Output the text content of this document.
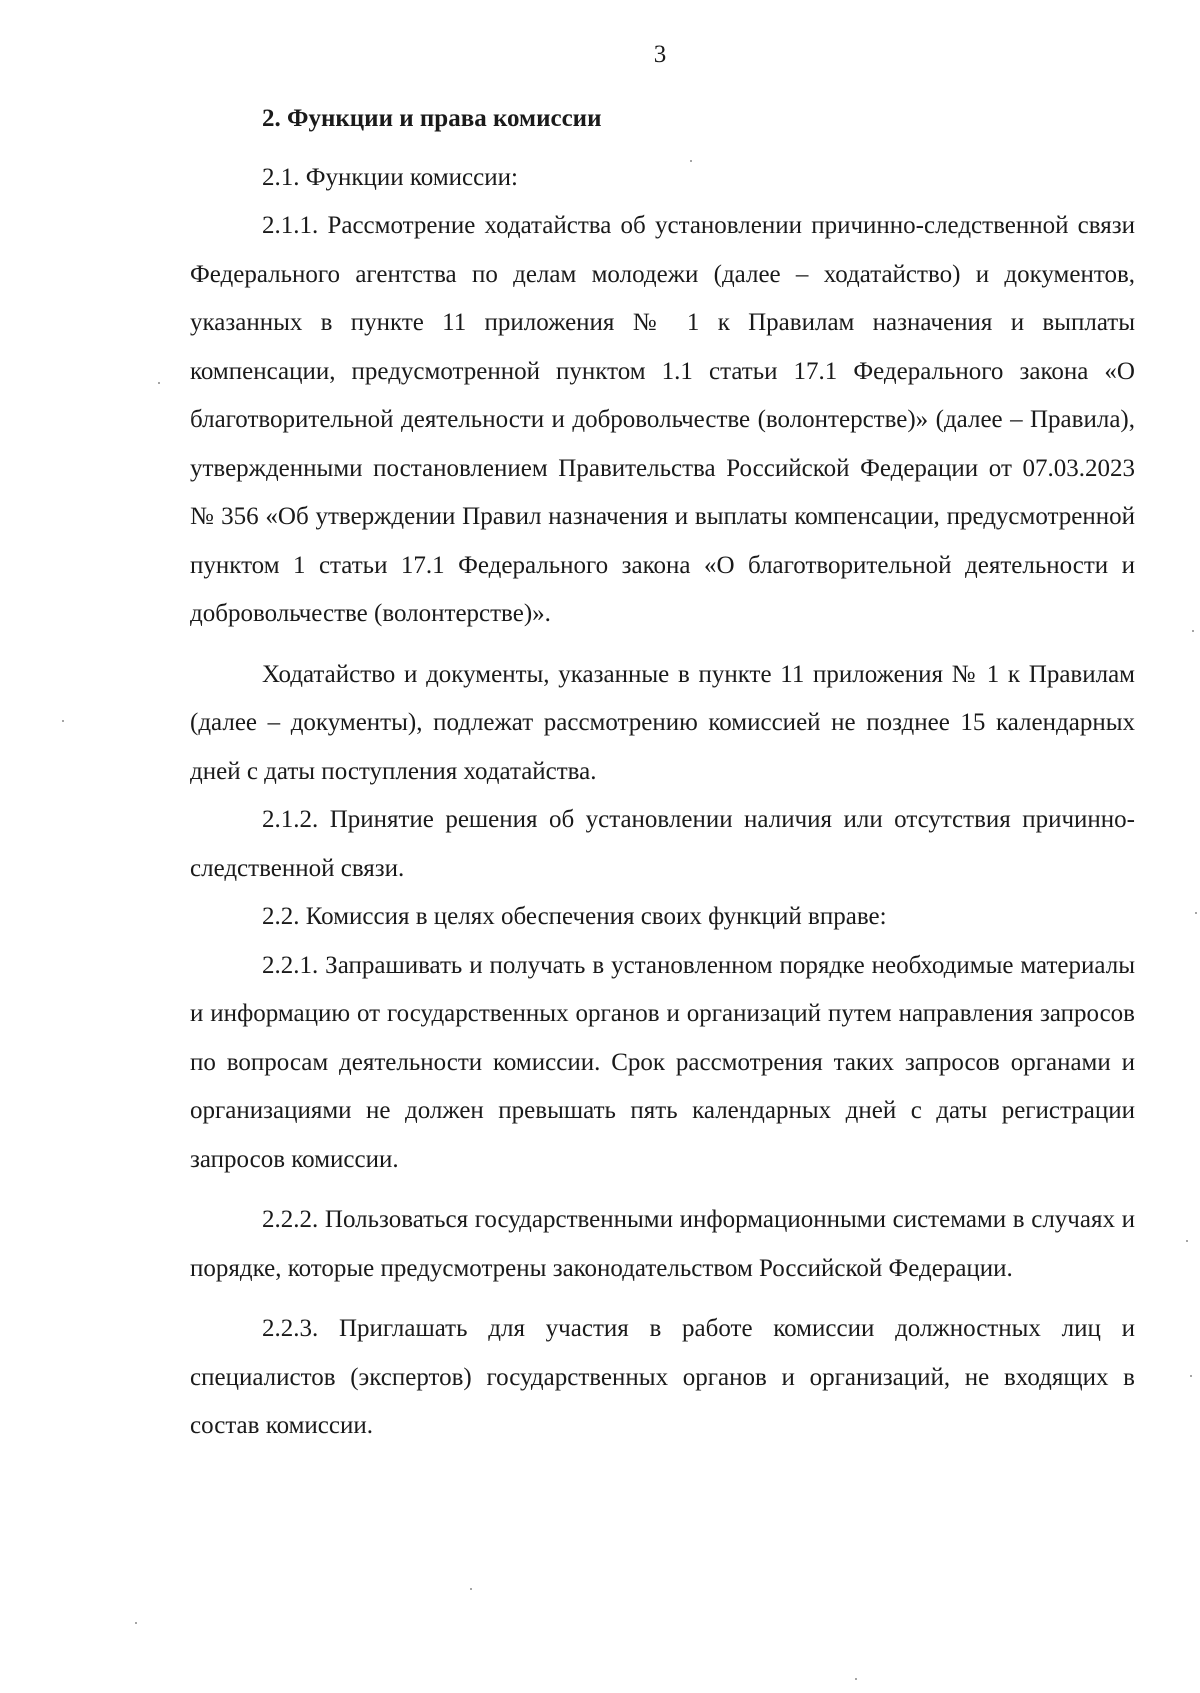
3

2. Функции и права комиссии

2.1. Функции комиссии:

2.1.1. Рассмотрение ходатайства об установлении причинно-следственной связи Федерального агентства по делам молодежи (далее – ходатайство) и документов, указанных в пункте 11 приложения № 1 к Правилам назначения и выплаты компенсации, предусмотренной пунктом 1.1 статьи 17.1 Федерального закона «О благотворительной деятельности и добровольчестве (волонтерстве)» (далее – Правила), утвержденными постановлением Правительства Российской Федерации от 07.03.2023 № 356 «Об утверждении Правил назначения и выплаты компенсации, предусмотренной пунктом 1 статьи 17.1 Федерального закона «О благотворительной деятельности и добровольчестве (волонтерстве)».

Ходатайство и документы, указанные в пункте 11 приложения № 1 к Правилам (далее – документы), подлежат рассмотрению комиссией не позднее 15 календарных дней с даты поступления ходатайства.

2.1.2. Принятие решения об установлении наличия или отсутствия причинно-следственной связи.

2.2. Комиссия в целях обеспечения своих функций вправе:

2.2.1. Запрашивать и получать в установленном порядке необходимые материалы и информацию от государственных органов и организаций путем направления запросов по вопросам деятельности комиссии. Срок рассмотрения таких запросов органами и организациями не должен превышать пять календарных дней с даты регистрации запросов комиссии.

2.2.2. Пользоваться государственными информационными системами в случаях и порядке, которые предусмотрены законодательством Российской Федерации.

2.2.3. Приглашать для участия в работе комиссии должностных лиц и специалистов (экспертов) государственных органов и организаций, не входящих в состав комиссии.
